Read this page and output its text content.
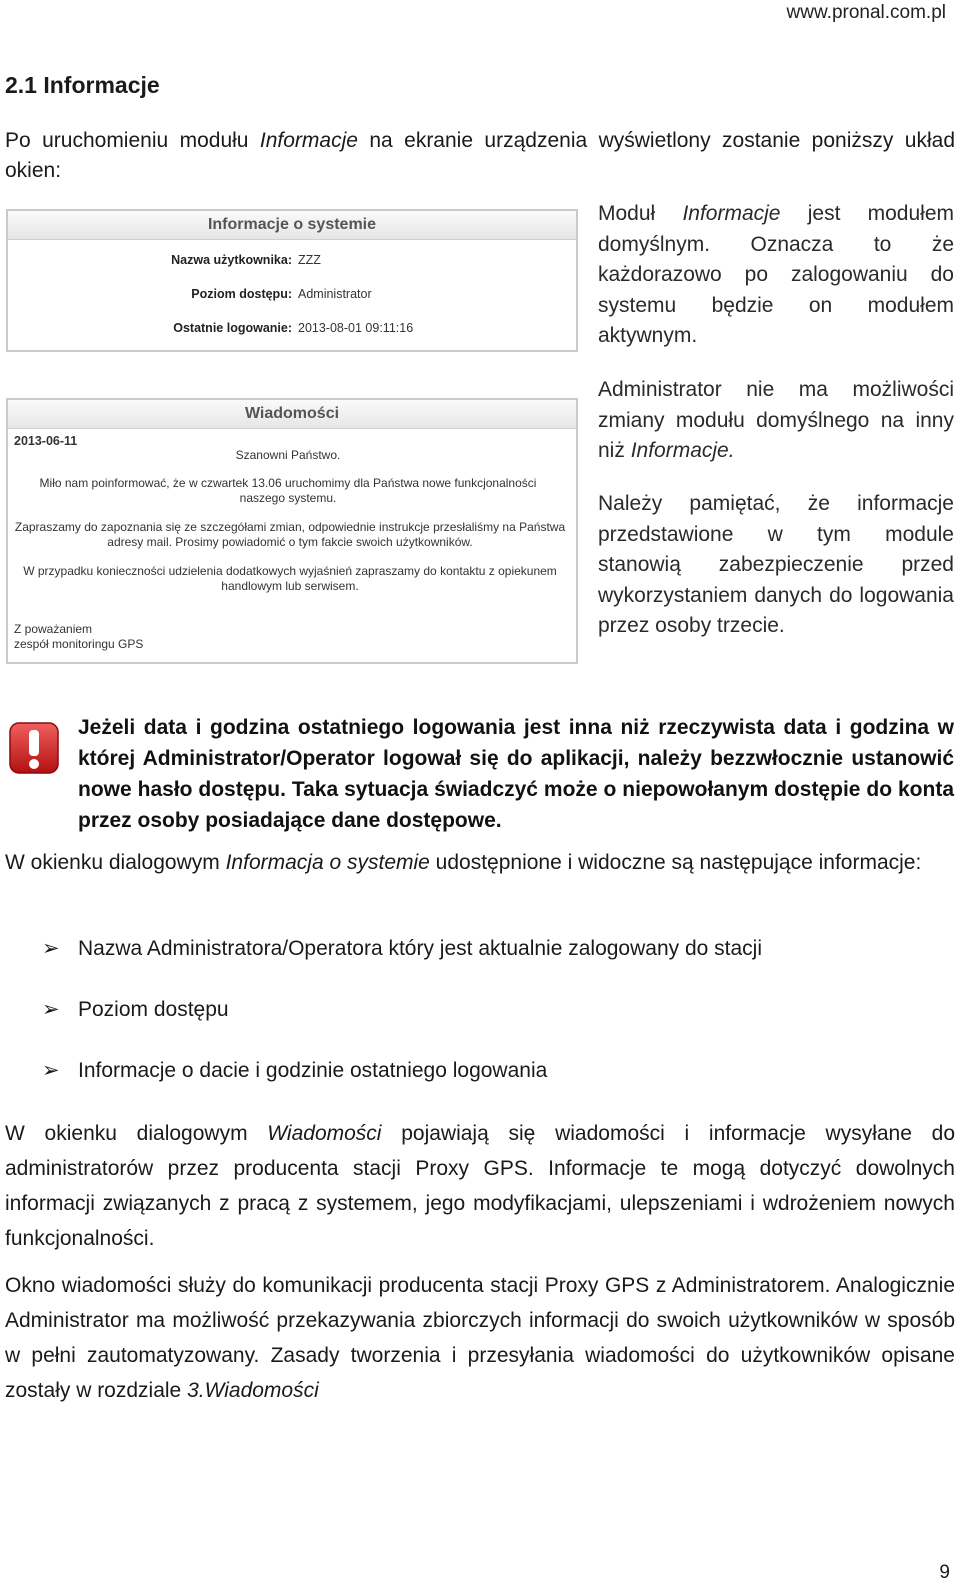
www.pronal.com.pl
2.1 Informacje
Po uruchomieniu modułu Informacje na ekranie urządzenia wyświetlony zostanie poniższy układ okien:
Informacje o systemie
Nazwa użytkownika: ZZZ
Poziom dostępu: Administrator
Ostatnie logowanie: 2013-08-01 09:11:16
Wiadomości
2013-06-11
Szanowni Państwo.
Miło nam poinformować, że w czwartek 13.06 uruchomimy dla Państwa nowe funkcjonalności
naszego systemu.
Zapraszamy do zapoznania się ze szczegółami zmian, odpowiednie instrukcje przesłaliśmy na Państwa
adresy mail. Prosimy powiadomić o tym fakcie swoich użytkowników.
W przypadku konieczności udzielenia dodatkowych wyjaśnień zapraszamy do kontaktu z opiekunem
handlowym lub serwisem.
Z poważaniem
zespół monitoringu GPS
Moduł Informacje jest modułem domyślnym. Oznacza to że każdorazowo po zalogowaniu do systemu będzie on modułem aktywnym.
Administrator nie ma możliwości zmiany modułu domyślnego na inny niż Informacje.
Należy pamiętać, że informacje przedstawione w tym module stanowią zabezpieczenie przed wykorzystaniem danych do logowania przez osoby trzecie.
Jeżeli data i godzina ostatniego logowania jest inna niż rzeczywista data i godzina w której Administrator/Operator logował się do aplikacji, należy bezzwłocznie ustanowić nowe hasło dostępu. Taka sytuacja świadczyć może o niepowołanym dostępie do konta przez osoby posiadające dane dostępowe.
W okienku dialogowym Informacja o systemie udostępnione i widoczne są następujące informacje:
➢ Nazwa Administratora/Operatora który jest aktualnie zalogowany do stacji
➢ Poziom dostępu
➢ Informacje o dacie i godzinie ostatniego logowania
W okienku dialogowym Wiadomości pojawiają się wiadomości i informacje wysyłane do administratorów przez producenta stacji Proxy GPS. Informacje te mogą dotyczyć dowolnych informacji związanych z pracą z systemem, jego modyfikacjami, ulepszeniami i wdrożeniem nowych funkcjonalności.
Okno wiadomości służy do komunikacji producenta stacji Proxy GPS z Administratorem. Analogicznie Administrator ma możliwość przekazywania zbiorczych informacji do swoich użytkowników w sposób w pełni zautomatyzowany. Zasady tworzenia i przesyłania wiadomości do użytkowników opisane zostały w rozdziale 3.Wiadomości
9
